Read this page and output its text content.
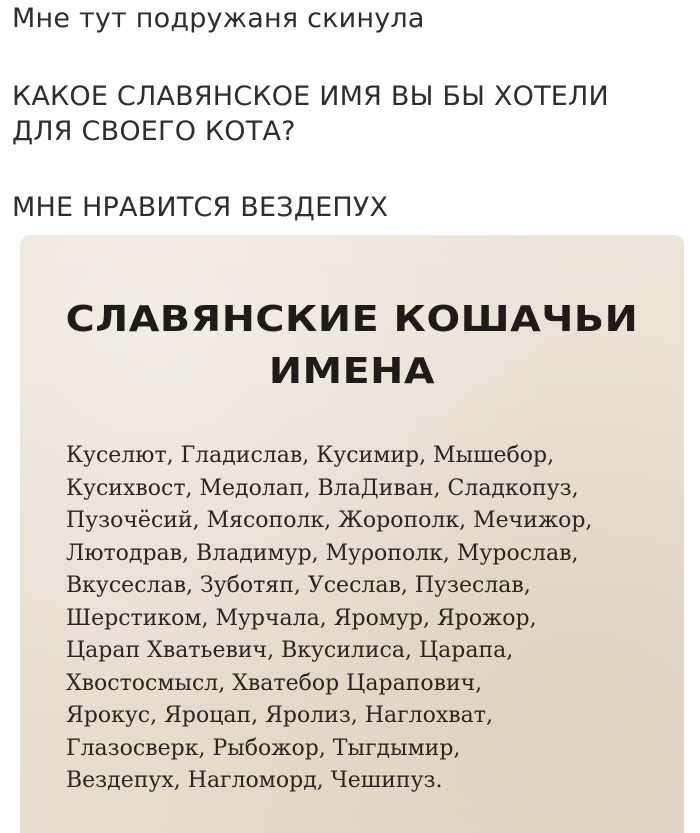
Мне тут подружаня скинула
КАКОЕ СЛАВЯНСКОЕ ИМЯ ВЫ БЫ ХОТЕЛИ
ДЛЯ СВОЕГО КОТА?
МНЕ НРАВИТСЯ ВЕЗДЕПУХ
СЛАВЯНСКИЕ КОШАЧЬИ
ИМЕНА
Куселют, Гладислав, Кусимир, Мышебор,
Кусихвост, Медолап, ВлаДиван, Сладкопуз,
Пузочёсий, Мясополк, Жорополк, Мечижор,
Лютодрав, Владимур, Муροполк, Мурослав,
Вкусеслав, Зуботяп, Усеслав, Пузеслав,
Шерстиком, Мурчала, Яромур, Ярожор,
Царап Хватьевич, Вкусилиса, Царапа,
Хвостосмысл, Хватебор Царапович,
Ярокус, Яроцап, Яролиз, Наглохват,
Глазосверк, Рыбожор, Тыгдымир,
Вездепух, Нагломорд, Чешипуз.
